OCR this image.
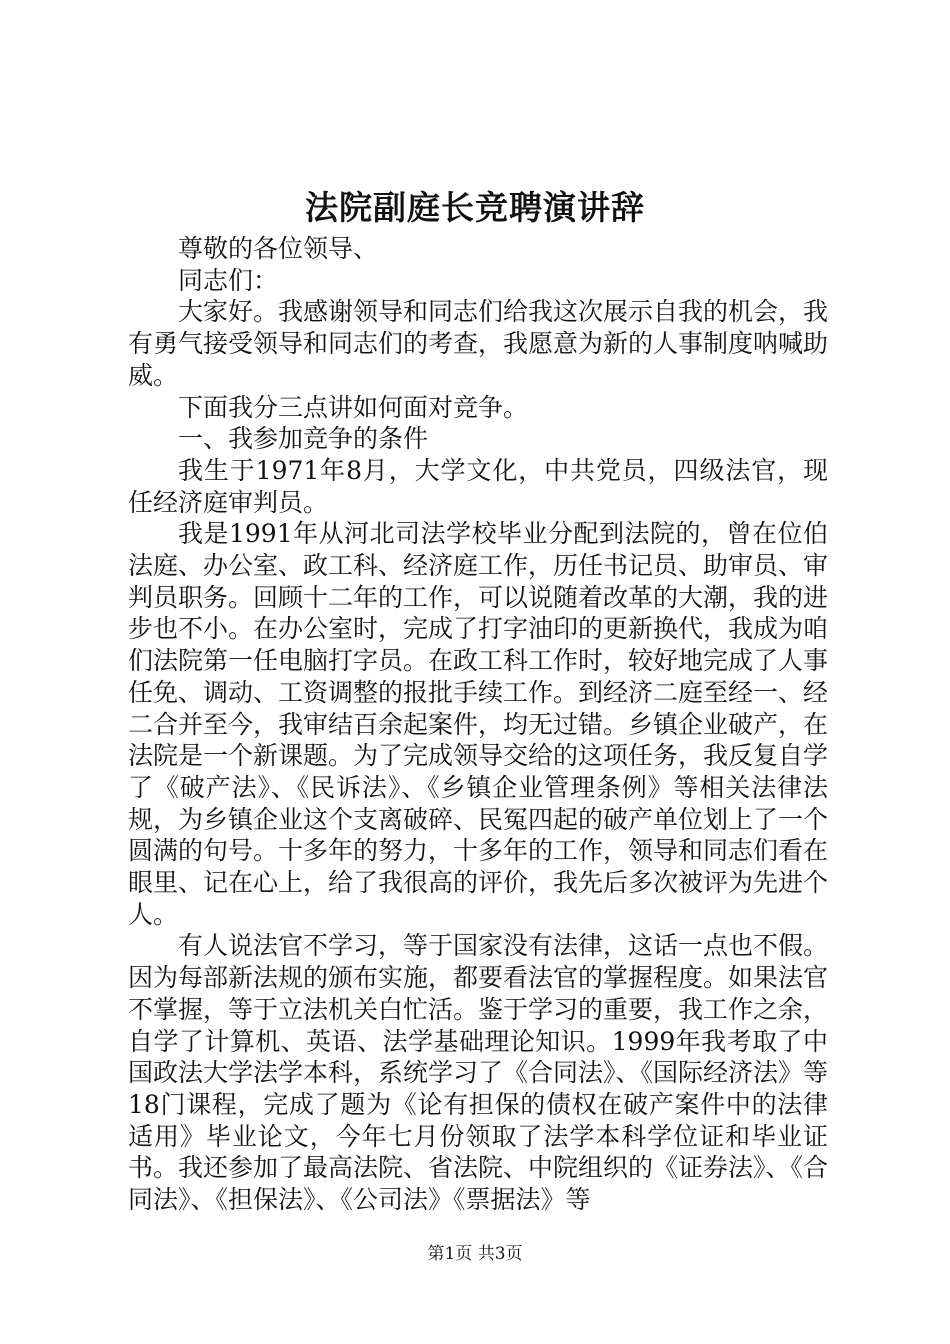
法院副庭长竞聘演讲辞

尊敬的各位领导、

同志们：

大家好。我感谢领导和同志们给我这次展示自我的机会，我有勇气接受领导和同志们的考查，我愿意为新的人事制度呐喊助威。

下面我分三点讲如何面对竞争。

一、我参加竞争的条件

我生于1971年8月，大学文化，中共党员，四级法官，现任经济庭审判员。

我是1991年从河北司法学校毕业分配到法院的，曾在位伯法庭、办公室、政工科、经济庭工作，历任书记员、助审员、审判员职务。回顾十二年的工作，可以说随着改革的大潮，我的进步也不小。在办公室时，完成了打字油印的更新换代，我成为咱们法院第一任电脑打字员。在政工科工作时，较好地完成了人事任免、调动、工资调整的报批手续工作。到经济二庭至经一、经二合并至今，我审结百余起案件，均无过错。乡镇企业破产，在法院是一个新课题。为了完成领导交给的这项任务，我反复自学了《破产法》、《民诉法》、《乡镇企业管理条例》等相关法律法规，为乡镇企业这个支离破碎、民冤四起的破产单位划上了一个圆满的句号。十多年的努力，十多年的工作，领导和同志们看在眼里、记在心上，给了我很高的评价，我先后多次被评为先进个人。

有人说法官不学习，等于国家没有法律，这话一点也不假。因为每部新法规的颁布实施，都要看法官的掌握程度。如果法官不掌握，等于立法机关白忙活。鉴于学习的重要，我工作之余，自学了计算机、英语、法学基础理论知识。1999年我考取了中国政法大学法学本科，系统学习了《合同法》、《国际经济法》等18门课程，完成了题为《论有担保的债权在破产案件中的法律适用》毕业论文，今年七月份领取了法学本科学位证和毕业证书。我还参加了最高法院、省法院、中院组织的《证券法》、《合同法》、《担保法》、《公司法》《票据法》等

第1页 共3页
